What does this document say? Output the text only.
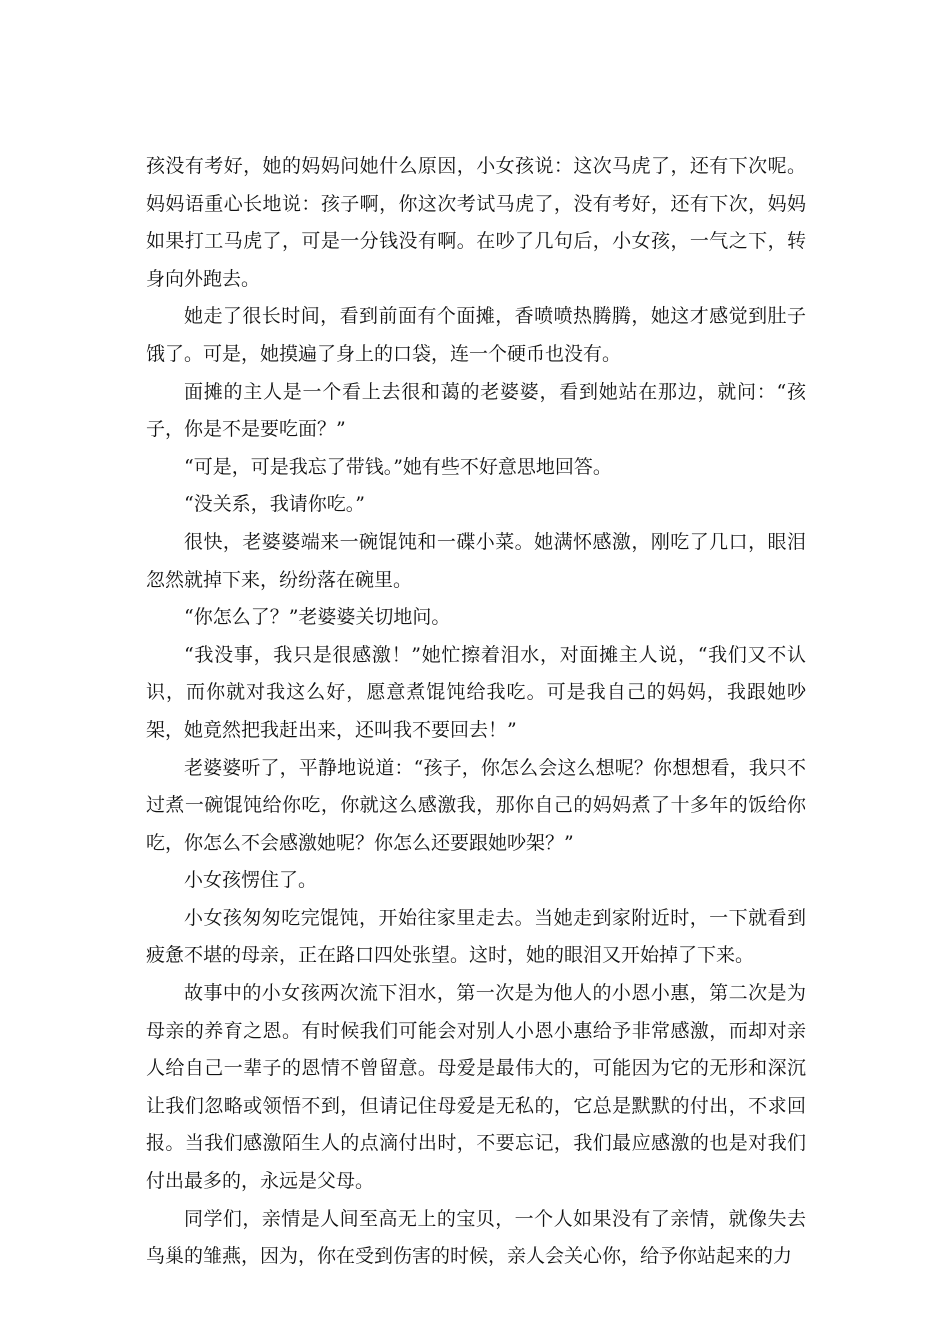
孩没有考好，她的妈妈问她什么原因，小女孩说：这次马虎了，还有下次呢。妈妈语重心长地说：孩子啊，你这次考试马虎了，没有考好，还有下次，妈妈如果打工马虎了，可是一分钱没有啊。在吵了几句后，小女孩，一气之下，转身向外跑去。

她走了很长时间，看到前面有个面摊，香喷喷热腾腾，她这才感觉到肚子饿了。可是，她摸遍了身上的口袋，连一个硬币也没有。

面摊的主人是一个看上去很和蔼的老婆婆，看到她站在那边，就问：“孩子，你是不是要吃面？”

“可是，可是我忘了带钱。”她有些不好意思地回答。

“没关系，我请你吃。”

很快，老婆婆端来一碗馄饨和一碟小菜。她满怀感激，刚吃了几口，眼泪忽然就掉下来，纷纷落在碗里。

“你怎么了？”老婆婆关切地问。

“我没事，我只是很感激！”她忙擦着泪水，对面摊主人说，“我们又不认识，而你就对我这么好，愿意煮馄饨给我吃。可是我自己的妈妈，我跟她吵架，她竟然把我赶出来，还叫我不要回去！”

老婆婆听了，平静地说道：“孩子，你怎么会这么想呢？你想想看，我只不过煮一碗馄饨给你吃，你就这么感激我，那你自己的妈妈煮了十多年的饭给你吃，你怎么不会感激她呢？你怎么还要跟她吵架？”

小女孩愣住了。

小女孩匆匆吃完馄饨，开始往家里走去。当她走到家附近时，一下就看到疲惫不堪的母亲，正在路口四处张望。这时，她的眼泪又开始掉了下来。

故事中的小女孩两次流下泪水，第一次是为他人的小恩小惠，第二次是为母亲的养育之恩。有时候我们可能会对别人小恩小惠给予非常感激，而却对亲人给自己一辈子的恩情不曾留意。母爱是最伟大的，可能因为它的无形和深沉让我们忽略或领悟不到，但请记住母爱是无私的，它总是默默的付出，不求回报。当我们感激陌生人的点滴付出时，不要忘记，我们最应感激的也是对我们付出最多的，永远是父母。

同学们，亲情是人间至高无上的宝贝，一个人如果没有了亲情，就像失去鸟巢的雏燕，因为，你在受到伤害的时候，亲人会关心你，给予你站起来的力
